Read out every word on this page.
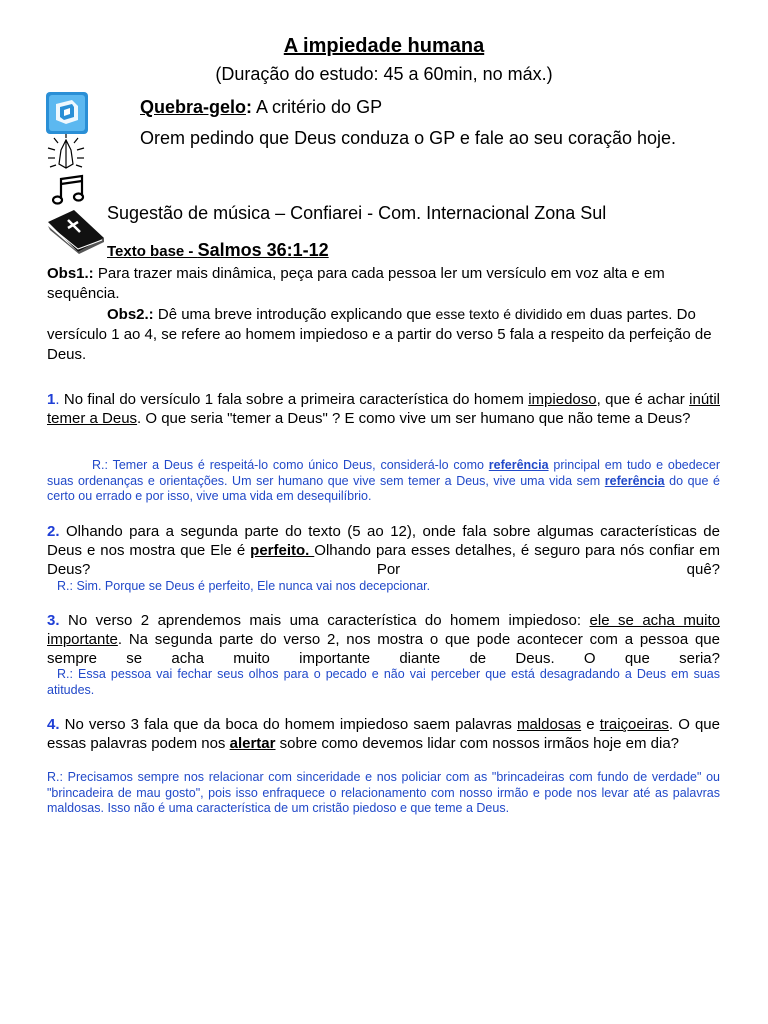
A impiedade humana
(Duração do estudo: 45 a 60min, no máx.)
Quebra-gelo: A critério do GP
Orem pedindo que Deus conduza o GP e fale ao seu coração hoje.
Sugestão de música – Confiarei - Com. Internacional Zona Sul
Texto base - Salmos 36:1-12
Obs1.: Para trazer mais dinâmica, peça para cada pessoa ler um versículo em voz alta e em sequência.
Obs2.: Dê uma breve introdução explicando que esse texto é dividido em duas partes. Do versículo 1 ao 4, se refere ao homem impiedoso e a partir do verso 5 fala a respeito da perfeição de Deus.
1. No final do versículo 1 fala sobre a primeira característica do homem impiedoso, que é achar inútil temer a Deus. O que seria "temer a Deus" ? E como vive um ser humano que não teme a Deus?
R.: Temer a Deus é respeitá-lo como único Deus, considerá-lo como referência principal em tudo e obedecer suas ordenanças e orientações. Um ser humano que vive sem temer a Deus, vive uma vida sem referência do que é certo ou errado e por isso, vive uma vida em desequilíbrio.
2. Olhando para a segunda parte do texto (5 ao 12), onde fala sobre algumas características de Deus e nos mostra que Ele é perfeito. Olhando para esses detalhes, é seguro para nós confiar em Deus? Por quê?
R.: Sim. Porque se Deus é perfeito, Ele nunca vai nos decepcionar.
3. No verso 2 aprendemos mais uma característica do homem impiedoso: ele se acha muito importante. Na segunda parte do verso 2, nos mostra o que pode acontecer com a pessoa que sempre se acha muito importante diante de Deus. O que seria?
R.: Essa pessoa vai fechar seus olhos para o pecado e não vai perceber que está desagradando a Deus em suas atitudes.
4. No verso 3 fala que da boca do homem impiedoso saem palavras maldosas e traiçoeiras. O que essas palavras podem nos alertar sobre como devemos lidar com nossos irmãos hoje em dia?
R.: Precisamos sempre nos relacionar com sinceridade e nos policiar com as "brincadeiras com fundo de verdade" ou "brincadeira de mau gosto", pois isso enfraquece o relacionamento com nosso irmão e pode nos levar até as palavras maldosas. Isso não é uma característica de um cristão piedoso e que teme a Deus.
